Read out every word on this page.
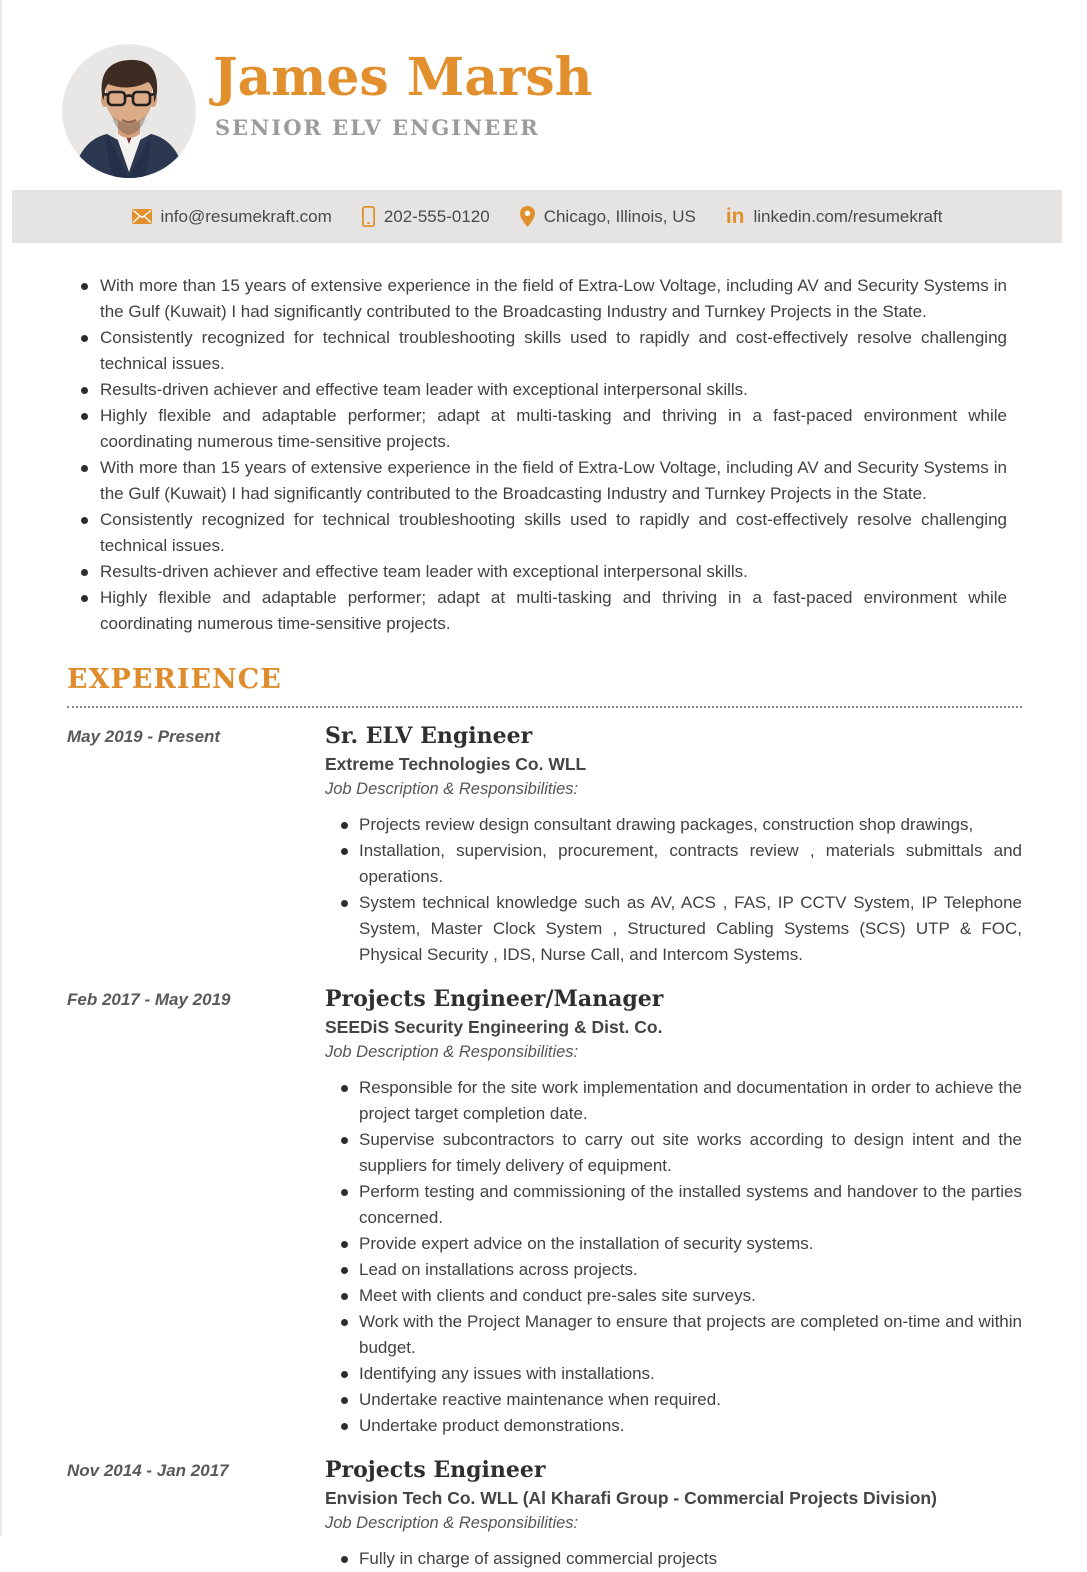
James Marsh
SENIOR ELV ENGINEER
info@resumekraft.com	202-555-0120	Chicago, Illinois, US in linkedin.com/resumekraft
With more than 15 years of extensive experience in the field of Extra-Low Voltage, including AV and Security Systems in the Gulf (Kuwait) I had significantly contributed to the Broadcasting Industry and Turnkey Projects in the State.
Consistently recognized for technical troubleshooting skills used to rapidly and cost-effectively resolve challenging technical issues.
Results-driven achiever and effective team leader with exceptional interpersonal skills.
Highly flexible and adaptable performer; adapt at multi-tasking and thriving in a fast-paced environment while coordinating numerous time-sensitive projects.
With more than 15 years of extensive experience in the field of Extra-Low Voltage, including AV and Security Systems in the Gulf (Kuwait) I had significantly contributed to the Broadcasting Industry and Turnkey Projects in the State.
Consistently recognized for technical troubleshooting skills used to rapidly and cost-effectively resolve challenging technical issues.
Results-driven achiever and effective team leader with exceptional interpersonal skills.
Highly flexible and adaptable performer; adapt at multi-tasking and thriving in a fast-paced environment while coordinating numerous time-sensitive projects.
EXPERIENCE
May 2019 - Present	Sr. ELV Engineer
Extreme Technologies Co. WLL
Job Description & Responsibilities:
Projects review design consultant drawing packages, construction shop drawings,
Installation, supervision, procurement, contracts review , materials submittals and operations.
System technical knowledge such as AV, ACS , FAS, IP CCTV System, IP Telephone System, Master Clock System , Structured Cabling Systems (SCS) UTP & FOC, Physical Security , IDS, Nurse Call, and Intercom Systems.
Feb 2017 - May 2019	Projects Engineer/Manager
SEEDiS Security Engineering & Dist. Co.
Job Description & Responsibilities:
Responsible for the site work implementation and documentation in order to achieve the project target completion date.
Supervise subcontractors to carry out site works according to design intent and the suppliers for timely delivery of equipment.
Perform testing and commissioning of the installed systems and handover to the parties concerned.
Provide expert advice on the installation of security systems.
Lead on installations across projects.
Meet with clients and conduct pre-sales site surveys.
Work with the Project Manager to ensure that projects are completed on-time and within budget.
Identifying any issues with installations.
Undertake reactive maintenance when required.
Undertake product demonstrations.
Nov 2014 - Jan 2017	Projects Engineer
Envision Tech Co. WLL (Al Kharafi Group - Commercial Projects Division)
Job Description & Responsibilities:
Fully in charge of assigned commercial projects
